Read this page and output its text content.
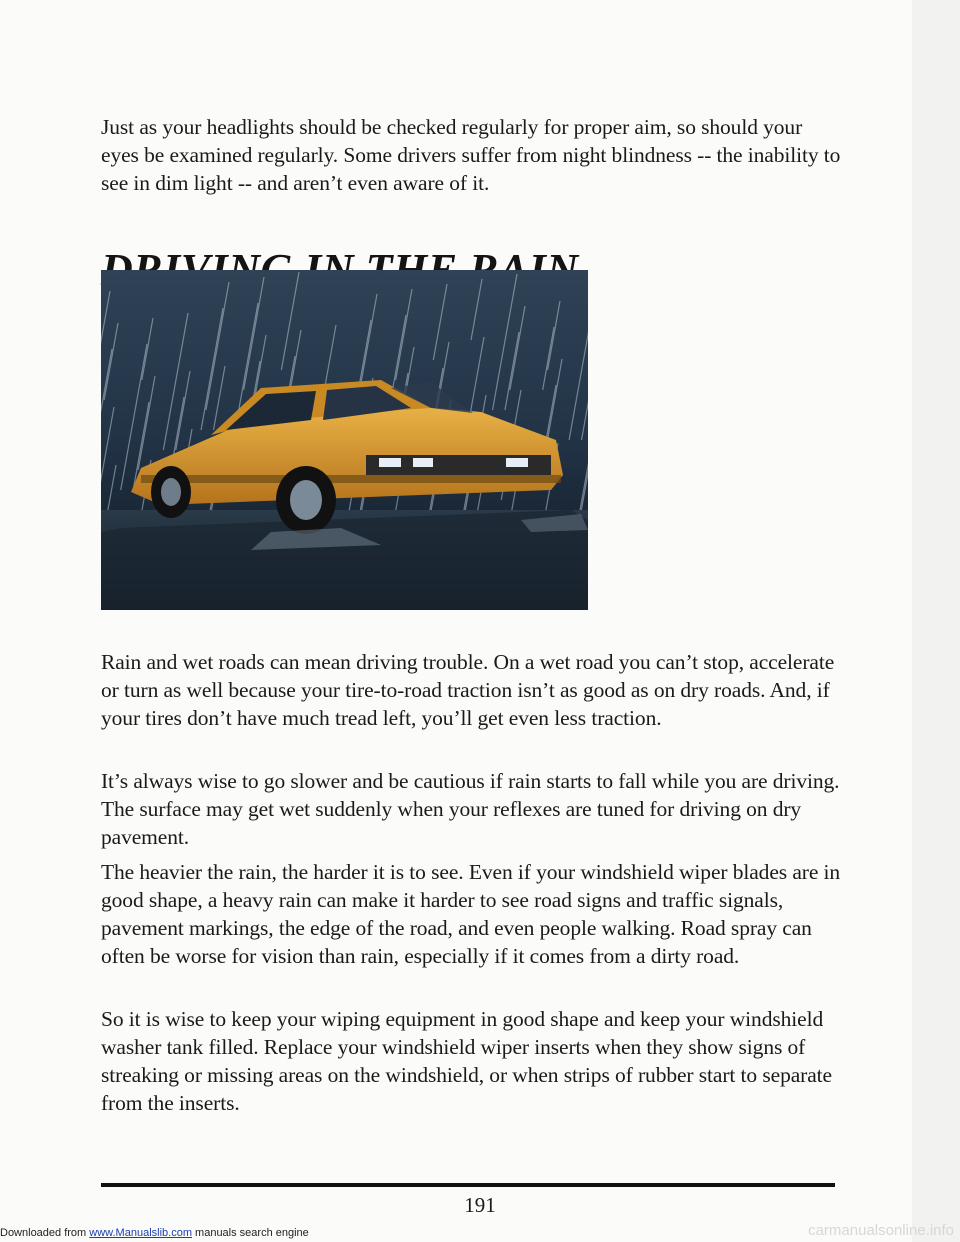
Just as your headlights should be checked regularly for proper aim, so should your eyes be examined regularly. Some drivers suffer from night blindness -- the inability to see in dim light -- and aren’t even aware of it.

Rain and wet roads can mean driving trouble. On a wet road you can’t stop, accelerate or turn as well because your tire-to-road traction isn’t as good as on dry roads. And, if your tires don’t have much tread left, you’ll get even less traction.

It’s always wise to go slower and be cautious if rain starts to fall while you are driving. The surface may get wet suddenly when your reflexes are tuned for driving on dry pavement.

The heavier the rain, the harder it is to see. Even if your windshield wiper blades are in good shape, a heavy rain can make it harder to see road signs and traffic signals, pavement markings, the edge of the road, and even people walking. Road spray can often be worse for vision than rain, especially if it comes from a dirty road.

So it is wise to keep your wiping equipment in good shape and keep your windshield washer tank filled. Replace your windshield wiper inserts when they show signs of streaking or missing areas on the windshield, or when strips of rubber start to separate from the inserts.

191
Downloaded from www.Manualslib.com manuals search engine	carmanualsonline.info
